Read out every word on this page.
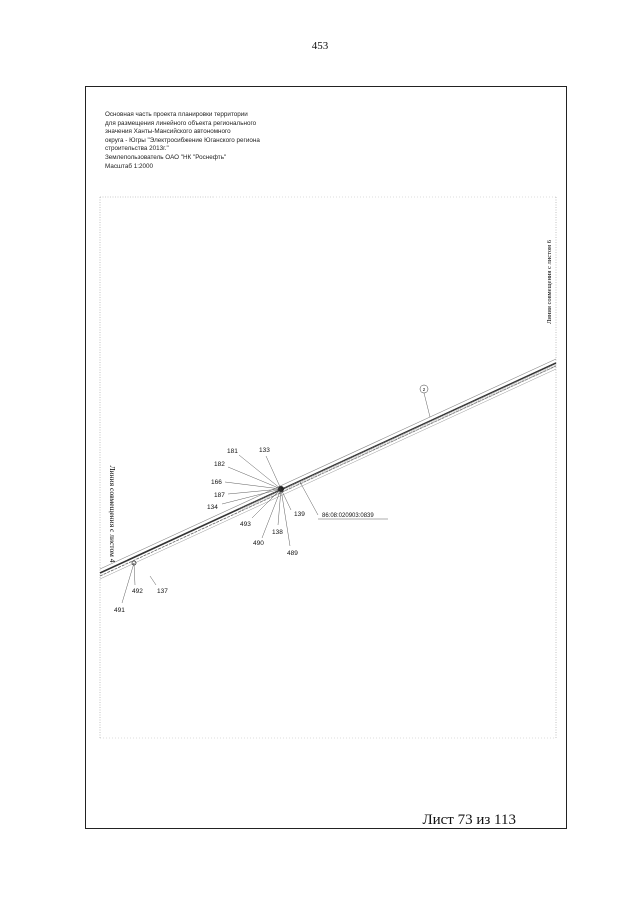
453
Основная часть проекта планировки территории
для размещения линейного объекта регионального
значения Ханты-Мансийского автономного
округа - Югры "Электросибжение Юганского региона
строительства 2013г."
Землепользователь ОАО "НК "Роснефть"
Масштаб 1:2000
2
181	133
182
166
187
134
493
139
138
490
489
492 137
491
86:08:020903:0839
Линия совмещения с листом 4
Линия совмещения с листом 6
Лист 73 из 113
